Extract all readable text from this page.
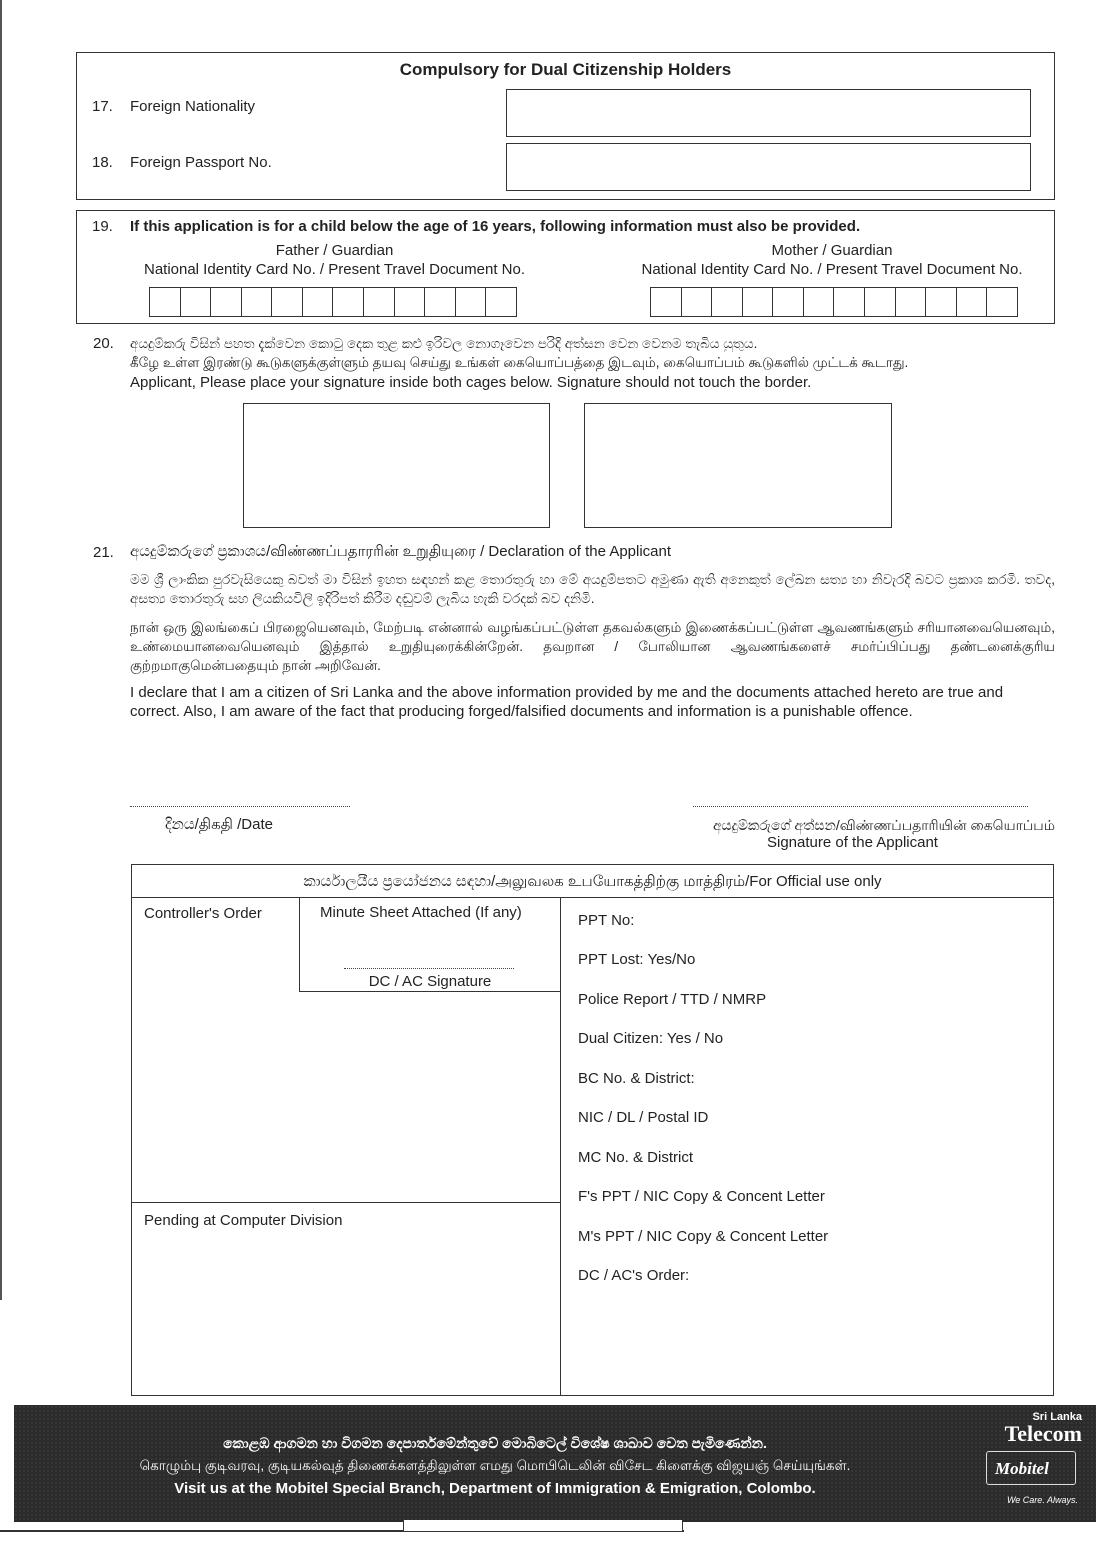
Compulsory for Dual Citizenship Holders
17. Foreign Nationality
18. Foreign Passport No.
19. If this application is for a child below the age of 16 years, following information must also be provided.
Father / Guardian
National Identity Card No. / Present Travel Document No.
Mother / Guardian
National Identity Card No. / Present Travel Document No.
20. අයදුම්කරු විසින් පහත දැක්වෙන කොටු දෙක තුළ කළු ඉරිවල නොගෑවෙන පරිදි අත්සන වෙන වෙනම තැබිය යුතුය.
கீழே உள்ள இரண்டு கூடுகளுக்குள்ளும் தயவு செய்து உங்கள் கையொப்பத்தை இடவும், கையொப்பம் கூடுகளில் முட்டக் கூடாது.
Applicant, Please place your signature inside both cages below. Signature should not touch the border.
21. අයදුම්කරුගේ ප්‍රකාශය/விண்ணப்பதாரரின் உறுதியுரை / Declaration of the Applicant
මම ශ්‍රී ලාංකික පුරවැසියෙකු බවත් මා විසින් ඉහත සඳහන් කළ තොරතුරු හා මේ අයදුම්පතට අමුණා ඇති අනෙකුත් ලේඛන සත්‍ය හා නිවැරදි බවට ප්‍රකාශ කරමි. තවද, අසත්‍ය තොරතුරු සහ ලියකියවිලි ඉදිරිපත් කිරීම දඬුවම් ලැබිය හැකි වරදක් බව දනිමි.
நான் ஒரு இலங்கைப் பிரஜையெனவும், மேற்படி என்னால் வழங்கப்பட்டுள்ள தகவல்களும் இணைக்கப்பட்டுள்ள ஆவணங்களும் சரியானவையெனவும், உண்மையானவையெனவும் இத்தால் உறுதியுரைக்கின்றேன். தவறான / போலியான ஆவணங்களைச் சமர்ப்பிப்பது தண்டனைக்குரிய குற்றமாகுமென்பதையும் நான் அறிவேன்.
I declare that I am a citizen of Sri Lanka and the above information provided by me and the documents attached hereto are true and correct. Also, I am aware of the fact that producing forged/falsified documents and information is a punishable offence.
දිනය/திகதி /Date	අයදුම්කරුගේ අත්සන/விண்ணப்பதாரியின் கையொப்பம்
Signature of the Applicant
කාර්යාලයීය ප්‍රයෝජනය සඳහා/அலுவலக உபயோகத்திற்கு மாத்திரம்/For Official use only
Controller's Order	Minute Sheet Attached (If any)
DC / AC Signature
Pending at Computer Division
PPT No:
PPT Lost: Yes/No
Police Report / TTD / NMRP
Dual Citizen: Yes / No
BC No. & District:
NIC / DL / Postal ID
MC No. & District
F's PPT / NIC Copy & Concent Letter
M's PPT / NIC Copy & Concent Letter
DC / AC's Order:
කොළඹ ආගමන හා විගමන දෙපාර්තමේන්තුවේ මොබිටෙල් විශේෂ ශාඛාව වෙත පැමිණෙන්න.
கொழும்பு குடிவரவு, குடியகல்வுத் திணைக்களத்திலுள்ள எமது மொபிடெலின் விசேட கிளைக்கு விஜயஞ் செய்யுங்கள்.
Visit us at the Mobitel Special Branch, Department of Immigration & Emigration, Colombo.
Sri Lanka
Telecom
Mobitel
We Care. Always.
